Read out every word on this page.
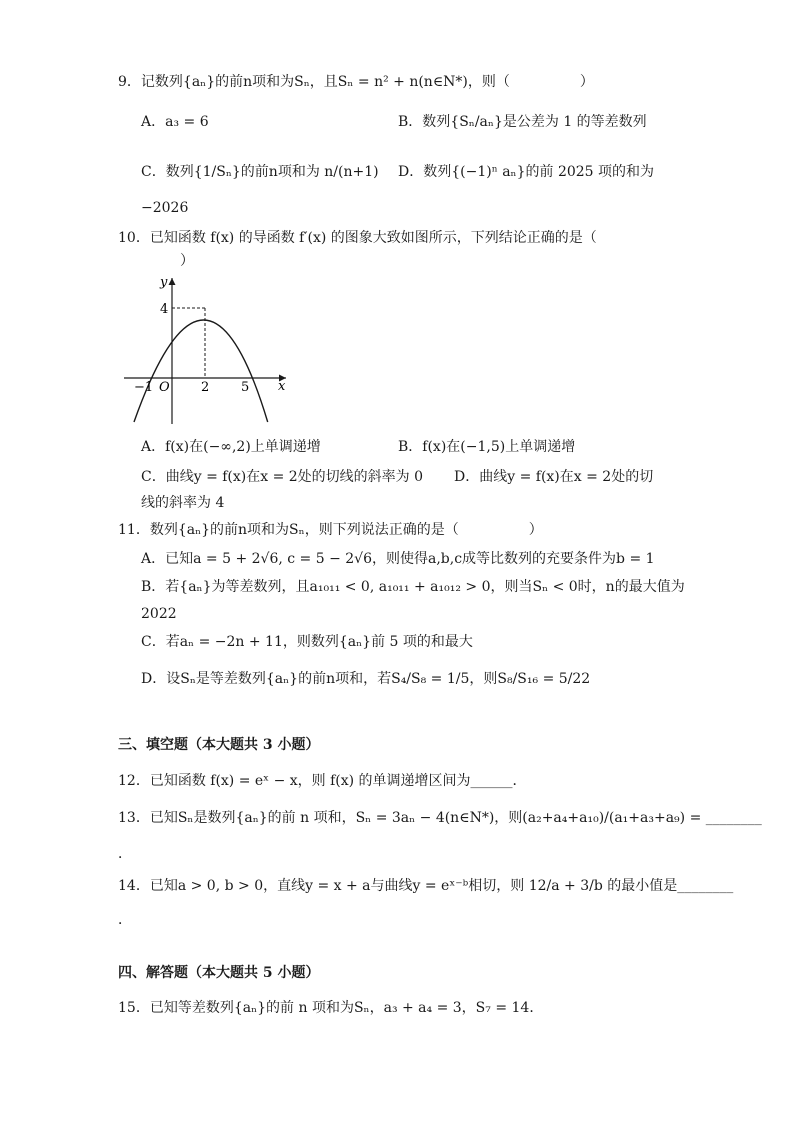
9．记数列{aₙ}的前n项和为Sₙ，且Sₙ = n² + n(n∈N*)，则（　　　　　）
A．a₃ = 6	B．数列{Sₙ/aₙ}是公差为 1 的等差数列
C．数列{1/Sₙ}的前n项和为 n/(n+1) D．数列{(−1)ⁿ aₙ}的前 2025 项的和为
−2026
10．已知函数 f(x) 的导函数 f′(x) 的图象大致如图所示，下列结论正确的是（
）
y
x
4
O
−1	2 5
A．f(x)在(−∞,2)上单调递增	B．f(x)在(−1,5)上单调递增
C．曲线y = f(x)在x = 2处的切线的斜率为 0 D．曲线y = f(x)在x = 2处的切
线的斜率为 4
11．数列{aₙ}的前n项和为Sₙ，则下列说法正确的是（　　　　　）
A．已知a = 5 + 2√6, c = 5 − 2√6，则使得a,b,c成等比数列的充要条件为b = 1
B．若{aₙ}为等差数列，且a₁₀₁₁ < 0, a₁₀₁₁ + a₁₀₁₂ > 0，则当Sₙ < 0时，n的最大值为
2022
C．若aₙ = −2n + 11，则数列{aₙ}前 5 项的和最大
D．设Sₙ是等差数列{aₙ}的前n项和，若S₄/S₈ = 1/5，则S₈/S₁₆ = 5/22
三、填空题（本大题共 3 小题）
12．已知函数 f(x) = eˣ − x，则 f(x) 的单调递增区间为______．
13．已知Sₙ是数列{aₙ}的前 n 项和，Sₙ = 3aₙ − 4(n∈N*)，则(a₂+a₄+a₁₀)/(a₁+a₃+a₉) = ________
．
14．已知a > 0, b > 0，直线y = x + a与曲线y = eˣ⁻ᵇ相切，则 12/a + 3/b 的最小值是________
．
四、解答题（本大题共 5 小题）
15．已知等差数列{aₙ}的前 n 项和为Sₙ，a₃ + a₄ = 3，S₇ = 14．
